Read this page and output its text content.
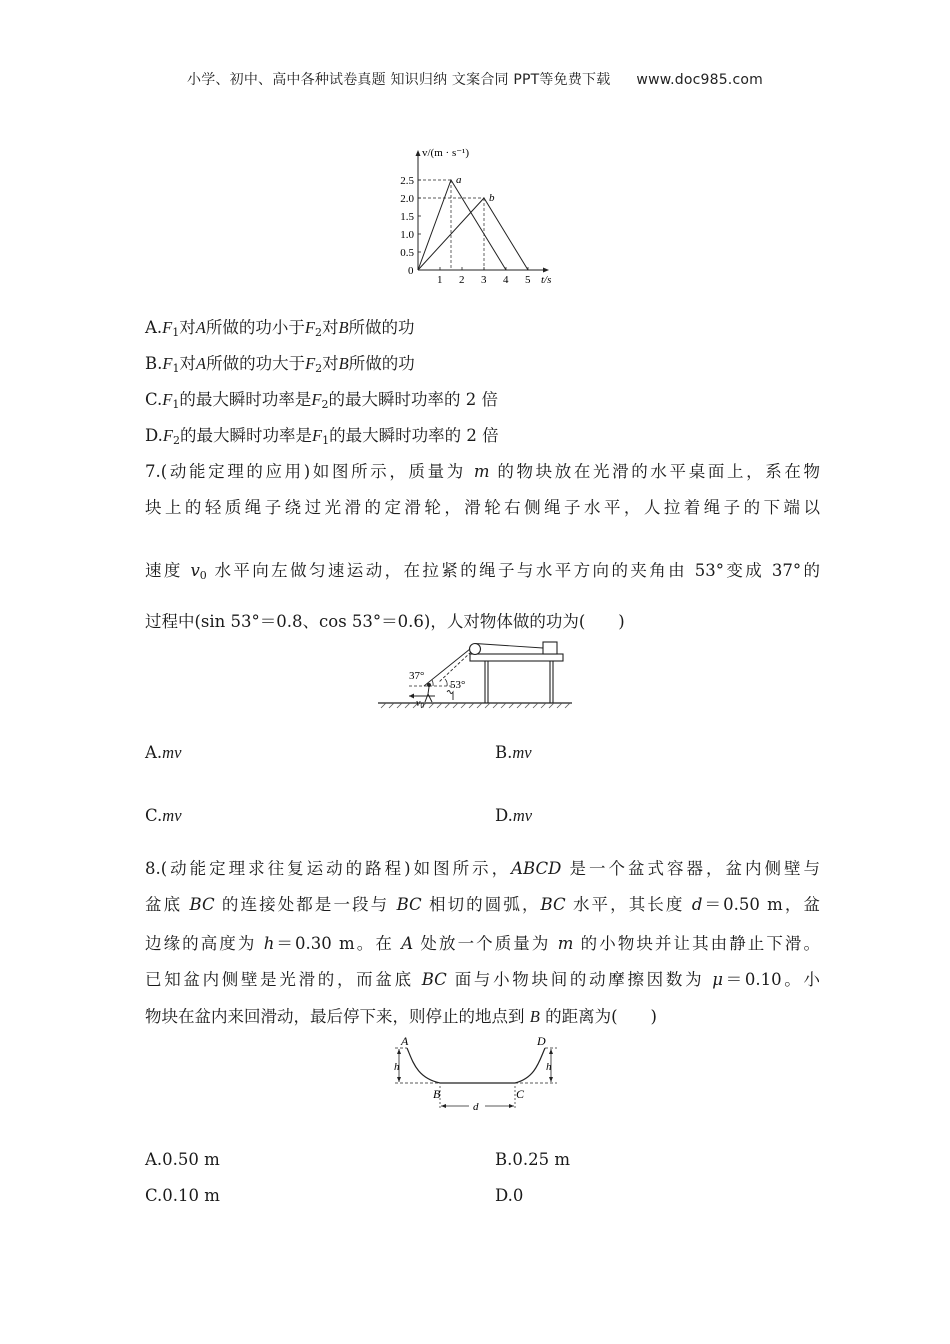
小学、初中、高中各种试卷真题 知识归纳 文案合同 PPT等免费下载 www.doc985.com
v/(m · s⁻¹)
t/s
0
1 2 3 4 5
0.5
1.0
1.5
2.0
2.5	a
b
$A.F_1$对A所做的功小于$F_2$对B所做的功
$B.F_1$对A所做的功大于$F_2$对B所做的功
$C.F_1$的最大瞬时功率是$F_2$的最大瞬时功率的 2 倍
$D.F_2$的最大瞬时功率是$F_1$的最大瞬时功率的 2 倍
7.(动能定理的应用)如图所示，质量为 m 的物块放在光滑的水平桌面上，系在物
块上的轻质绳子绕过光滑的定滑轮，滑轮右侧绳子水平，人拉着绳子的下端以
速度 $v_0$ 水平向左做匀速运动，在拉紧的绳子与水平方向的夹角由 53°变成 37°的
过程中(sin 53°＝0.8、cos 53°＝0.6)，人对物体做的功为(　　)
37°
53°
$v_0$
A.mv	B.mv
C.mv	D.mv
8.(动能定理求往复运动的路程)如图所示，ABCD 是一个盆式容器，盆内侧壁与
盆底 BC 的连接处都是一段与 BC 相切的圆弧，BC 水平，其长度 d＝0.50 m，盆
边缘的高度为 h＝0.30 m。在 A 处放一个质量为 m 的小物块并让其由静止下滑。
已知盆内侧壁是光滑的，而盆底 BC 面与小物块间的动摩擦因数为 μ＝0.10。小
物块在盆内来回滑动，最后停下来，则停止的地点到 B 的距离为(　　)
A	D
B	C
h	h
d
A.0.50 m	B.0.25 m
C.0.10 m	D.0
